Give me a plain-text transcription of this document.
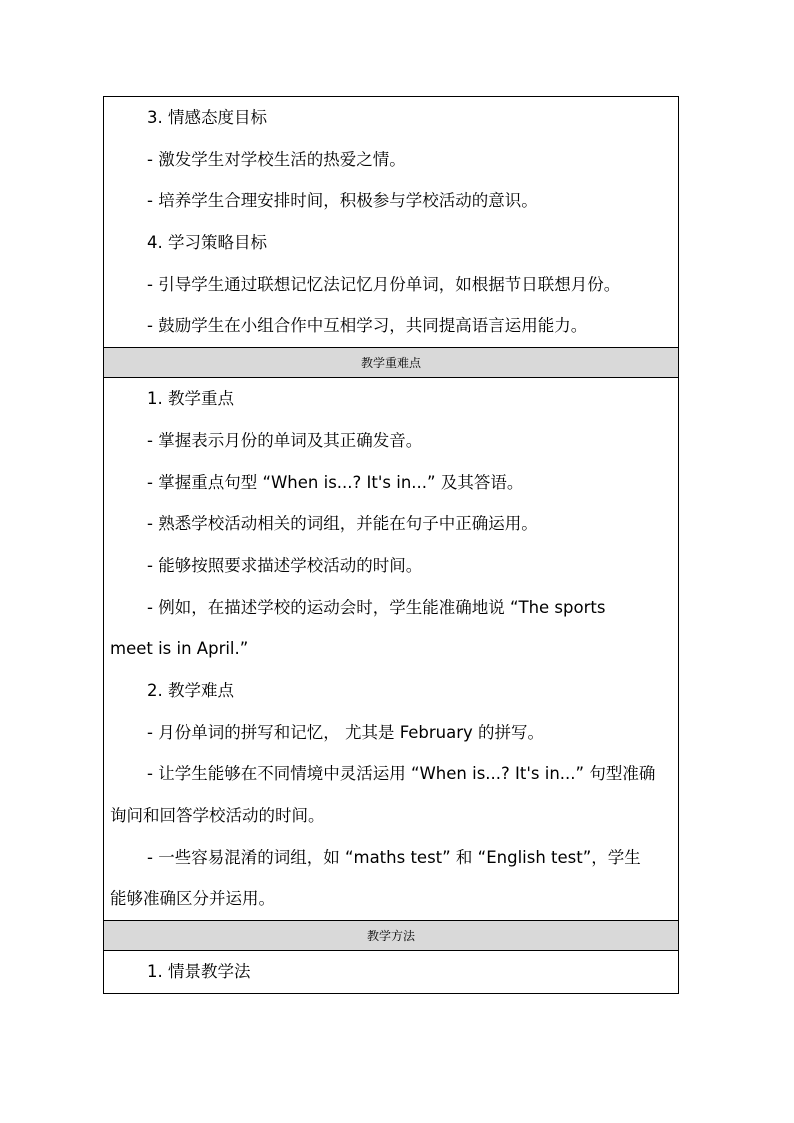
3. 情感态度目标
- 激发学生对学校生活的热爱之情。
- 培养学生合理安排时间，积极参与学校活动的意识。
4. 学习策略目标
- 引导学生通过联想记忆法记忆月份单词，如根据节日联想月份。
- 鼓励学生在小组合作中互相学习，共同提高语言运用能力。
教学重难点
1. 教学重点
- 掌握表示月份的单词及其正确发音。
- 掌握重点句型 “When is...? It's in...” 及其答语。
- 熟悉学校活动相关的词组，并能在句子中正确运用。
- 能够按照要求描述学校活动的时间。
- 例如，在描述学校的运动会时，学生能准确地说 “The sports
meet is in April.”
2. 教学难点
- 月份单词的拼写和记忆， 尤其是 February 的拼写。
- 让学生能够在不同情境中灵活运用 “When is...? It's in...” 句型准确
询问和回答学校活动的时间。
- 一些容易混淆的词组，如 “maths test” 和 “English test”，学生
能够准确区分并运用。
教学方法
1. 情景教学法
